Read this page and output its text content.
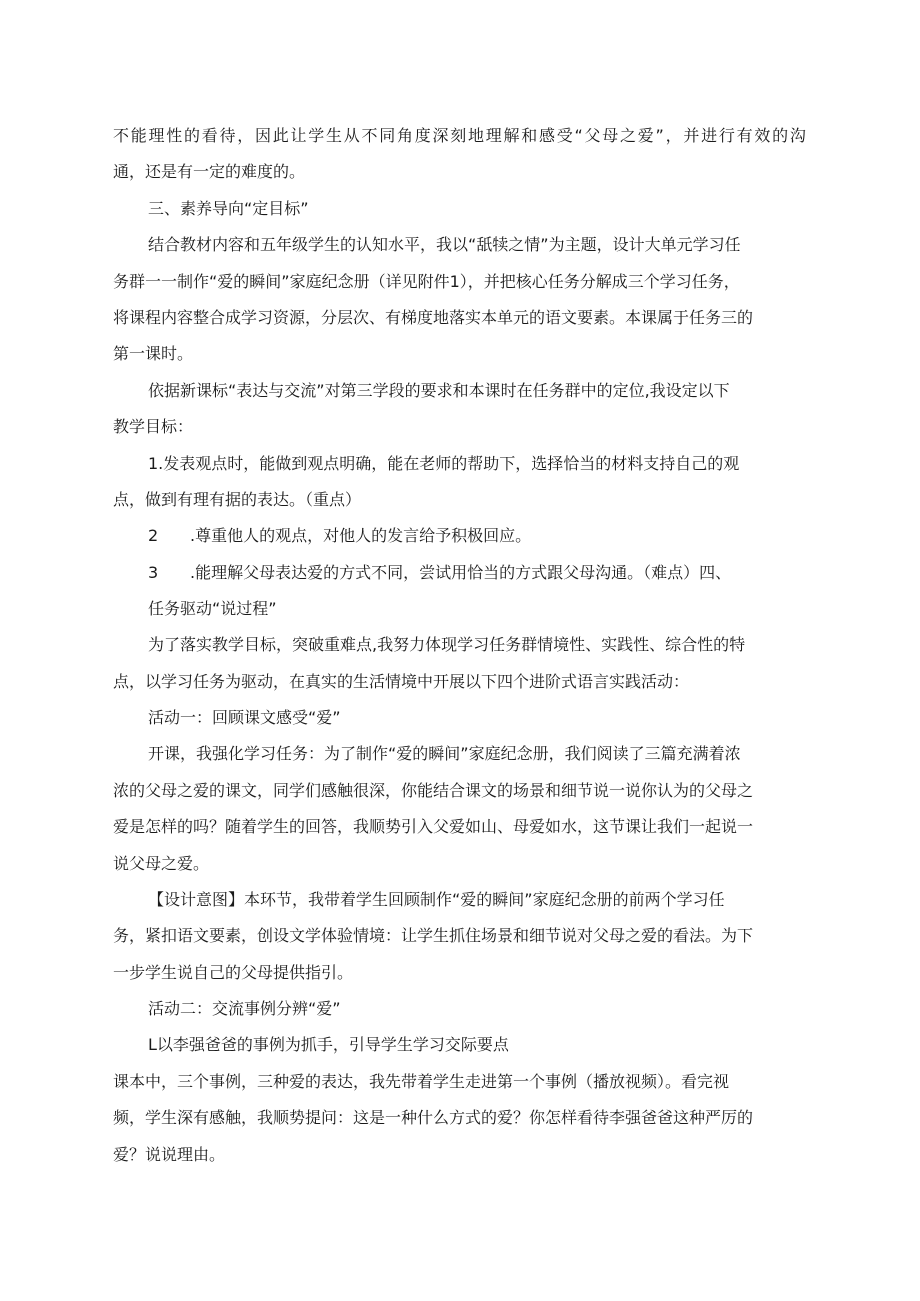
不能理性的看待，因此让学生从不同角度深刻地理解和感受“父母之爱”，并进行有效的沟
通，还是有一定的难度的。
三、素养导向“定目标”
结合教材内容和五年级学生的认知水平，我以“舐犊之情”为主题，设计大单元学习任
务群一一制作“爱的瞬间”家庭纪念册（详见附件1），并把核心任务分解成三个学习任务，
将课程内容整合成学习资源，分层次、有梯度地落实本单元的语文要素。本课属于任务三的
第一课时。
依据新课标“表达与交流”对第三学段的要求和本课时在任务群中的定位,我设定以下
教学目标：
1.发表观点时，能做到观点明确，能在老师的帮助下，选择恰当的材料支持自己的观
点，做到有理有据的表达。（重点）
2 .尊重他人的观点，对他人的发言给予积极回应。
3 .能理解父母表达爱的方式不同，尝试用恰当的方式跟父母沟通。（难点）四、
任务驱动“说过程”
为了落实教学目标，突破重难点,我努力体现学习任务群情境性、实践性、综合性的特
点，以学习任务为驱动，在真实的生活情境中开展以下四个进阶式语言实践活动：
活动一：回顾课文感受“爱”
开课，我强化学习任务：为了制作“爱的瞬间”家庭纪念册，我们阅读了三篇充满着浓
浓的父母之爱的课文，同学们感触很深，你能结合课文的场景和细节说一说你认为的父母之
爱是怎样的吗？随着学生的回答，我顺势引入父爱如山、母爱如水，这节课让我们一起说一
说父母之爱。
【设计意图】本环节，我带着学生回顾制作“爱的瞬间”家庭纪念册的前两个学习任
务，紧扣语文要素，创设文学体验情境：让学生抓住场景和细节说对父母之爱的看法。为下
一步学生说自己的父母提供指引。
活动二：交流事例分辨“爱”
L以李强爸爸的事例为抓手，引导学生学习交际要点
课本中，三个事例，三种爱的表达，我先带着学生走进第一个事例（播放视频）。看完视
频，学生深有感触，我顺势提问：这是一种什么方式的爱？你怎样看待李强爸爸这种严厉的
爱？说说理由。
